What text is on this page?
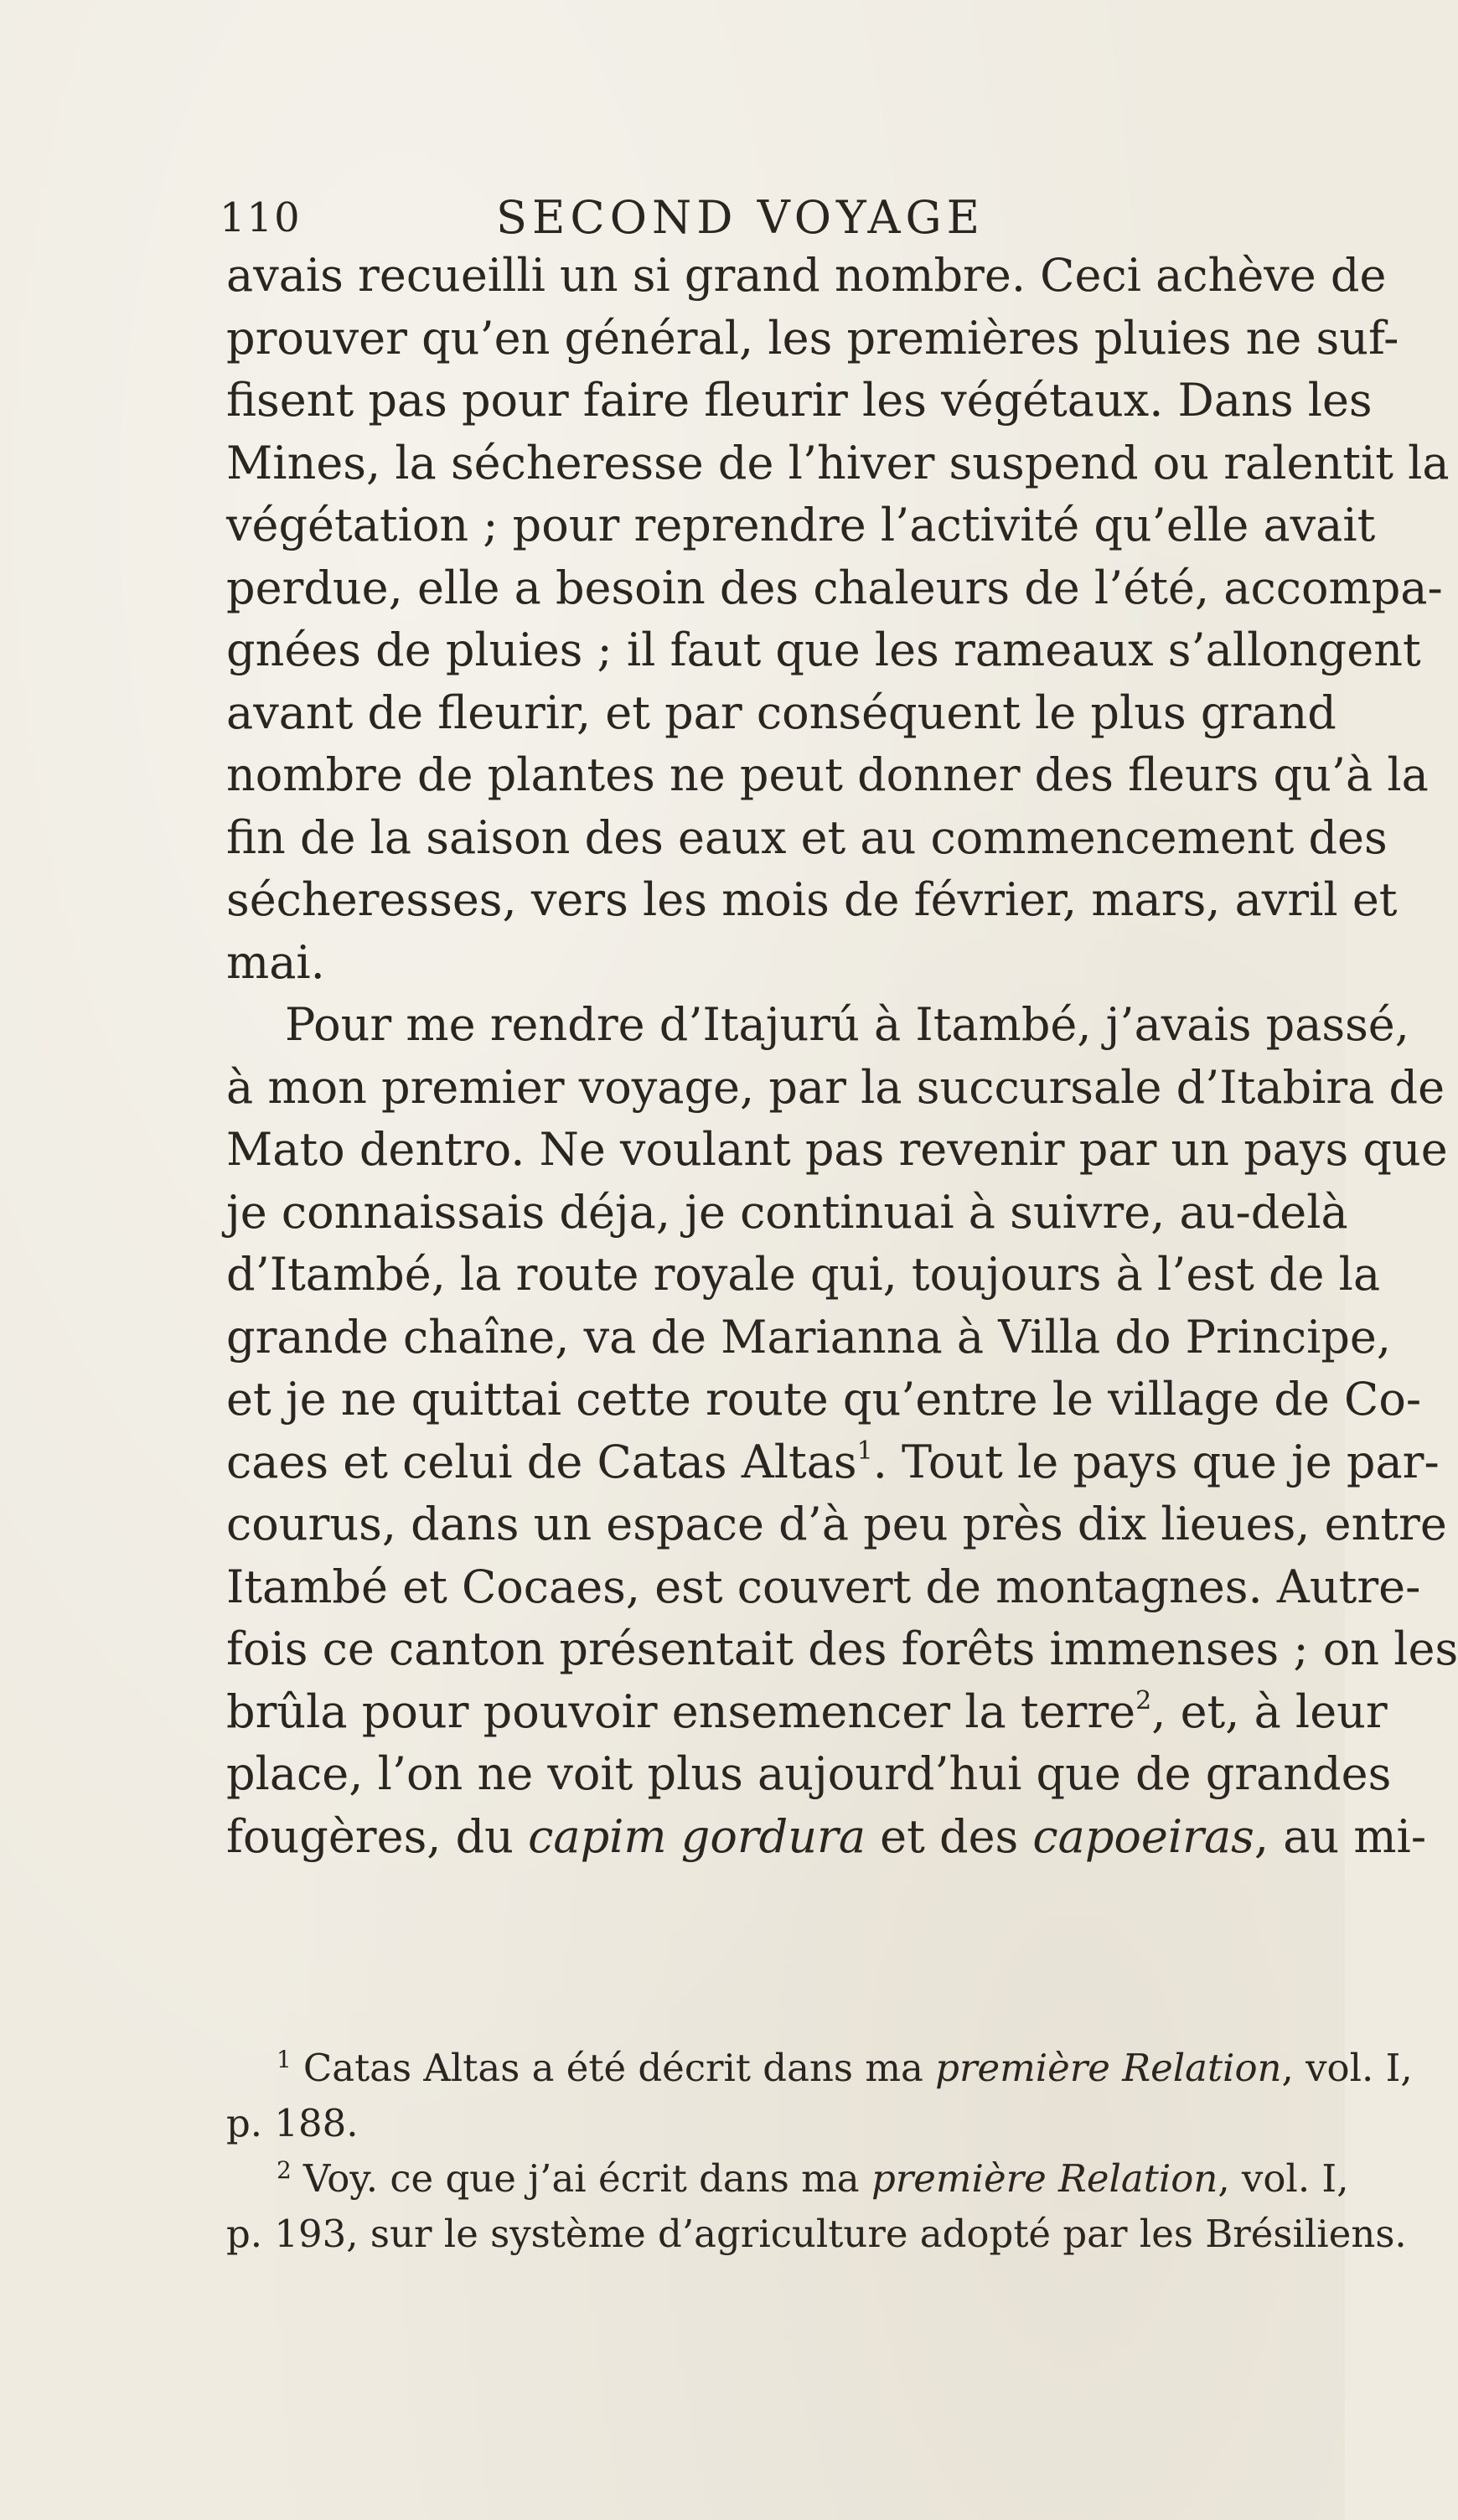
110	SECOND VOYAGE
avais recueilli un si grand nombre. Ceci achève de
prouver qu’en général, les premières pluies ne suf-
fisent pas pour faire fleurir les végétaux. Dans les
Mines, la sécheresse de l’hiver suspend ou ralentit la
végétation ; pour reprendre l’activité qu’elle avait
perdue, elle a besoin des chaleurs de l’été, accompa-
gnées de pluies ; il faut que les rameaux s’allongent
avant de fleurir, et par conséquent le plus grand
nombre de plantes ne peut donner des fleurs qu’à la
fin de la saison des eaux et au commencement des
sécheresses, vers les mois de février, mars, avril et
mai.
Pour me rendre d’Itajurú à Itambé, j’avais passé,
à mon premier voyage, par la succursale d’Itabira de
Mato dentro. Ne voulant pas revenir par un pays que
je connaissais déja, je continuai à suivre, au-delà
d’Itambé, la route royale qui, toujours à l’est de la
grande chaîne, va de Marianna à Villa do Principe,
et je ne quittai cette route qu’entre le village de Co-
caes et celui de Catas Altas$^1$. Tout le pays que je par-
courus, dans un espace d’à peu près dix lieues, entre
Itambé et Cocaes, est couvert de montagnes. Autre-
fois ce canton présentait des forêts immenses ; on les
brûla pour pouvoir ensemencer la terre$^2$, et, à leur
place, l’on ne voit plus aujourd’hui que de grandes
fougères, du capim gordura et des capoeiras, au mi-
$^1$ Catas Altas a été décrit dans ma première Relation, vol. I,
p. 188.
$^2$ Voy. ce que j’ai écrit dans ma première Relation, vol. I,
p. 193, sur le système d’agriculture adopté par les Brésiliens.
